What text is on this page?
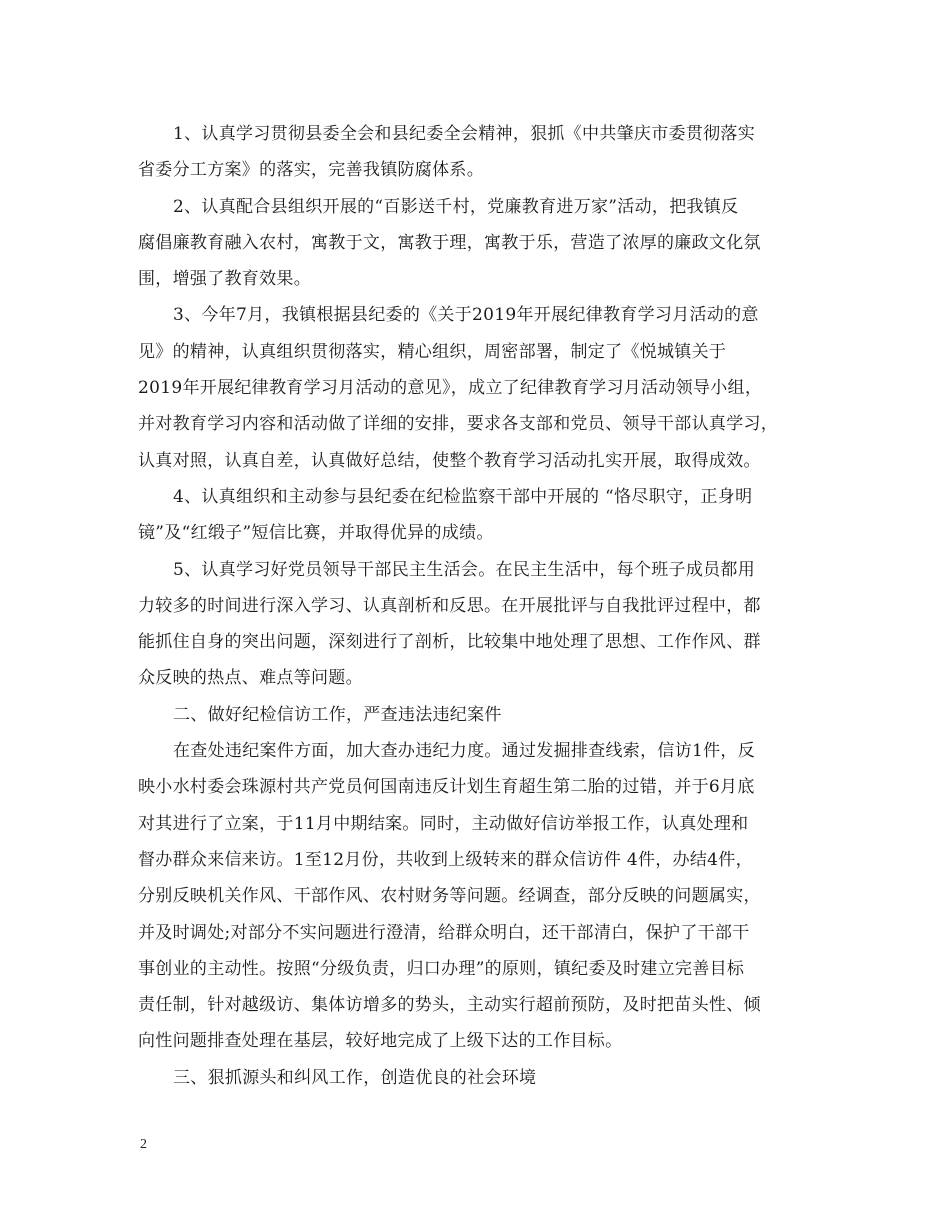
1、认真学习贯彻县委全会和县纪委全会精神，狠抓《中共肇庆市委贯彻落实
省委分工方案》的落实，完善我镇防腐体系。
2、认真配合县组织开展的“百影送千村，党廉教育进万家”活动，把我镇反
腐倡廉教育融入农村，寓教于文，寓教于理，寓教于乐，营造了浓厚的廉政文化氛
围，增强了教育效果。
3、今年7月，我镇根据县纪委的《关于2019年开展纪律教育学习月活动的意
见》的精神，认真组织贯彻落实，精心组织，周密部署，制定了《悦城镇关于
2019年开展纪律教育学习月活动的意见》，成立了纪律教育学习月活动领导小组，
并对教育学习内容和活动做了详细的安排，要求各支部和党员、领导干部认真学习，
认真对照，认真自差，认真做好总结，使整个教育学习活动扎实开展，取得成效。
4、认真组织和主动参与县纪委在纪检监察干部中开展的 “恪尽职守，正身明
镜”及“红缎子”短信比赛，并取得优异的成绩。
5、认真学习好党员领导干部民主生活会。在民主生活中，每个班子成员都用
力较多的时间进行深入学习、认真剖析和反思。在开展批评与自我批评过程中，都
能抓住自身的突出问题，深刻进行了剖析，比较集中地处理了思想、工作作风、群
众反映的热点、难点等问题。
二、做好纪检信访工作，严查违法违纪案件
在查处违纪案件方面，加大查办违纪力度。通过发掘排查线索，信访1件，反
映小水村委会珠源村共产党员何国南违反计划生育超生第二胎的过错，并于6月底
对其进行了立案，于11月中期结案。同时，主动做好信访举报工作，认真处理和
督办群众来信来访。1至12月份，共收到上级转来的群众信访件 4件，办结4件，
分别反映机关作风、干部作风、农村财务等问题。经调查，部分反映的问题属实，
并及时调处;对部分不实问题进行澄清，给群众明白，还干部清白，保护了干部干
事创业的主动性。按照“分级负责，归口办理”的原则，镇纪委及时建立完善目标
责任制，针对越级访、集体访增多的势头，主动实行超前预防，及时把苗头性、倾
向性问题排查处理在基层，较好地完成了上级下达的工作目标。
三、狠抓源头和纠风工作，创造优良的社会环境
2
